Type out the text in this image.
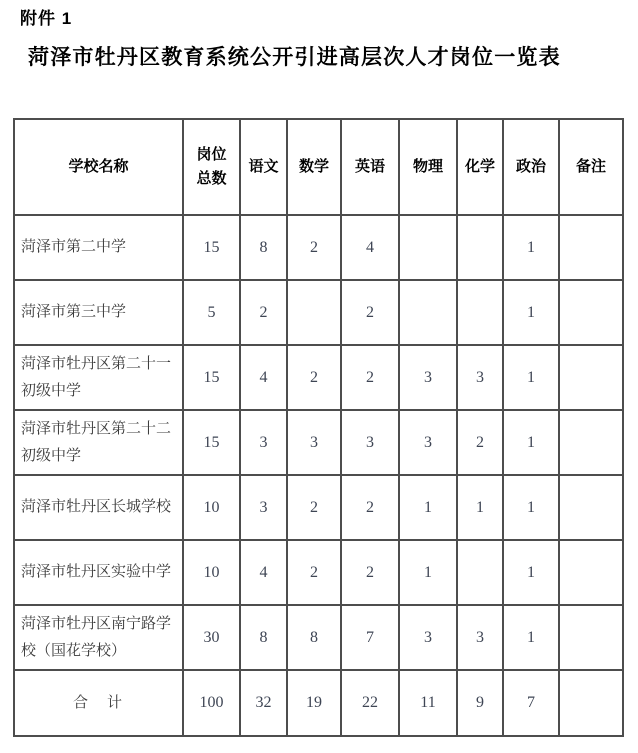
附件 1
菏泽市牡丹区教育系统公开引进高层次人才岗位一览表
学校名称	岗位总数	语文	数学	英语	物理	化学	政治	备注
菏泽市第二中学	15	8	2	4			1	
菏泽市第三中学	5	2		2			1	
菏泽市牡丹区第二十一初级中学	15	4	2	2	3	3	1	
菏泽市牡丹区第二十二初级中学	15	3	3	3	3	2	1	
菏泽市牡丹区长城学校	10	3	2	2	1	1	1	
菏泽市牡丹区实验中学	10	4	2	2	1		1	
菏泽市牡丹区南宁路学校（国花学校）	30	8	8	7	3	3	1	
合　计	100	32	19	22	11	9	7	
